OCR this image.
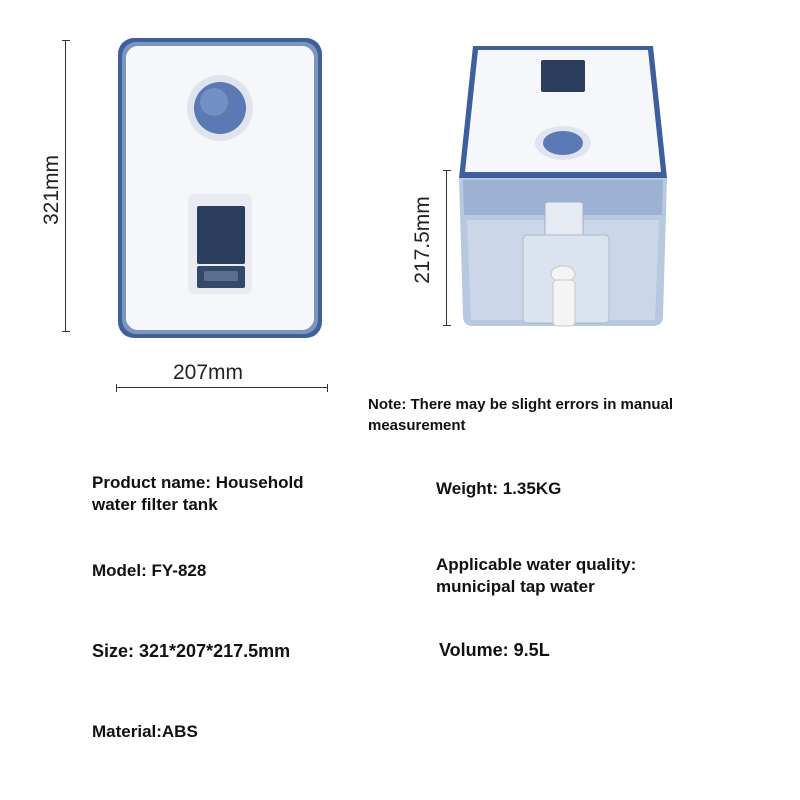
321mm
207mm
217.5mm
Note: There may be slight errors in manual measurement
Product name: Household water filter tank
Weight: 1.35KG
Model: FY-828	Applicable water quality: municipal tap water
Size: 321*207*217.5mm	Volume: 9.5L
Material:ABS
